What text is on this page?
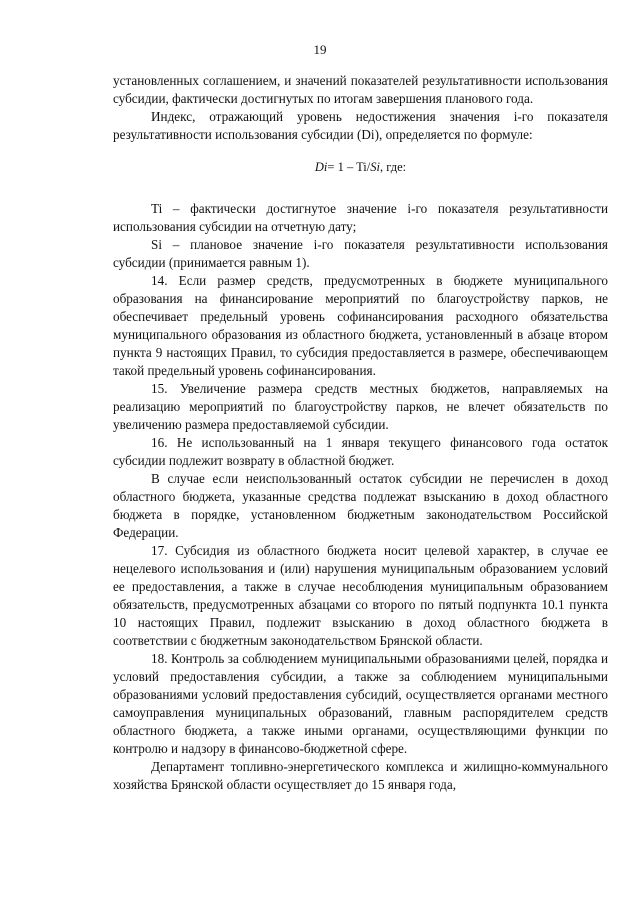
19

установленных соглашением, и значений показателей результативности использования субсидии, фактически достигнутых по итогам завершения планового года.

Индекс, отражающий уровень недостижения значения i-го показателя результативности использования субсидии (Di), определяется по формуле:

Di= 1 – Ti/Si, где:

Ti – фактически достигнутое значение i-го показателя результативности использования субсидии на отчетную дату;

Si – плановое значение i-го показателя результативности использования субсидии (принимается равным 1).

14. Если размер средств, предусмотренных в бюджете муниципального образования на финансирование мероприятий по благоустройству парков, не обеспечивает предельный уровень софинансирования расходного обязательства муниципального образования из областного бюджета, установленный в абзаце втором пункта 9 настоящих Правил, то субсидия предоставляется в размере, обеспечивающем такой предельный уровень софинансирования.

15. Увеличение размера средств местных бюджетов, направляемых на реализацию мероприятий по благоустройству парков, не влечет обязательств по увеличению размера предоставляемой субсидии.

16. Не использованный на 1 января текущего финансового года остаток субсидии подлежит возврату в областной бюджет.

В случае если неиспользованный остаток субсидии не перечислен в доход областного бюджета, указанные средства подлежат взысканию в доход областного бюджета в порядке, установленном бюджетным законодательством Российской Федерации.

17. Субсидия из областного бюджета носит целевой характер, в случае ее нецелевого использования и (или) нарушения муниципальным образованием условий ее предоставления, а также в случае несоблюдения муниципальным образованием обязательств, предусмотренных абзацами со второго по пятый подпункта 10.1 пункта 10 настоящих Правил, подлежит взысканию в доход областного бюджета в соответствии с бюджетным законодательством Брянской области.

18. Контроль за соблюдением муниципальными образованиями целей, порядка и условий предоставления субсидии, а также за соблюдением муниципальными образованиями условий предоставления субсидий, осуществляется органами местного самоуправления муниципальных образований, главным распорядителем средств областного бюджета, а также иными органами, осуществляющими функции по контролю и надзору в финансово-бюджетной сфере.

Департамент топливно-энергетического комплекса и жилищно-коммунального хозяйства Брянской области осуществляет до 15 января года,
